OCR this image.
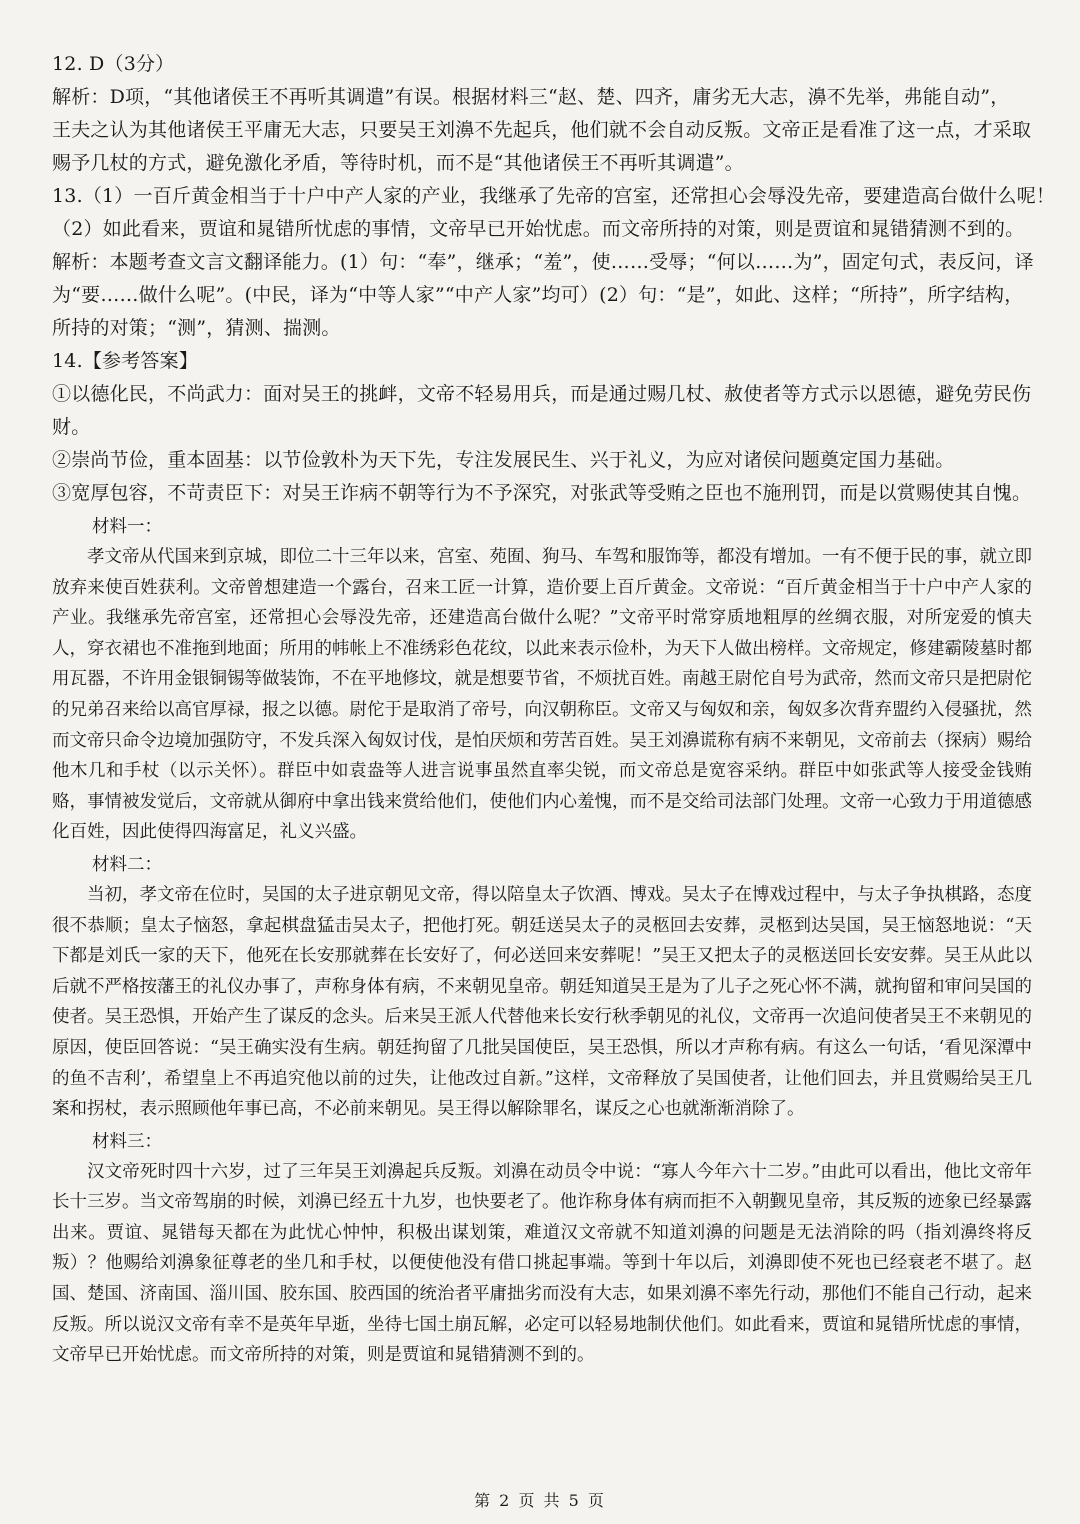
12. D（3分）
解析：D项，“其他诸侯王不再听其调遣”有误。根据材料三“赵、楚、四齐，庸劣无大志，濞不先举，弗能自动”，
王夫之认为其他诸侯王平庸无大志，只要吴王刘濞不先起兵，他们就不会自动反叛。文帝正是看准了这一点，才采取
赐予几杖的方式，避免激化矛盾，等待时机，而不是“其他诸侯王不再听其调遣”。
13.（1）一百斤黄金相当于十户中产人家的产业，我继承了先帝的宫室，还常担心会辱没先帝，要建造高台做什么呢！
（2）如此看来，贾谊和晁错所忧虑的事情，文帝早已开始忧虑。而文帝所持的对策，则是贾谊和晁错猜测不到的。
解析：本题考查文言文翻译能力。(1）句：“奉”，继承；“羞”，使……受辱；“何以……为”，固定句式，表反问，译
为“要……做什么呢”。(中民，译为“中等人家”“中产人家”均可）(2）句：“是”，如此、这样；“所持”，所字结构，
所持的对策；“测”，猜测、揣测。
14.【参考答案】
①以德化民，不尚武力：面对吴王的挑衅，文帝不轻易用兵，而是通过赐几杖、赦使者等方式示以恩德，避免劳民伤
财。
②崇尚节俭，重本固基：以节俭敦朴为天下先，专注发展民生、兴于礼义，为应对诸侯问题奠定国力基础。
③宽厚包容，不苛责臣下：对吴王诈病不朝等行为不予深究，对张武等受贿之臣也不施刑罚，而是以赏赐使其自愧。
材料一：
孝文帝从代国来到京城，即位二十三年以来，宫室、苑囿、狗马、车驾和服饰等，都没有增加。一有不便于民的事，就立即放弃来使百姓获利。文帝曾想建造一个露台，召来工匠一计算，造价要上百斤黄金。文帝说：“百斤黄金相当于十户中产人家的产业。我继承先帝宫室，还常担心会辱没先帝，还建造高台做什么呢？”文帝平时常穿质地粗厚的丝绸衣服，对所宠爱的慎夫人，穿衣裙也不准拖到地面；所用的帏帐上不准绣彩色花纹，以此来表示俭朴，为天下人做出榜样。文帝规定，修建霸陵墓时都用瓦器，不许用金银铜锡等做装饰，不在平地修坟，就是想要节省，不烦扰百姓。南越王尉佗自号为武帝，然而文帝只是把尉佗的兄弟召来给以高官厚禄，报之以德。尉佗于是取消了帝号，向汉朝称臣。文帝又与匈奴和亲，匈奴多次背弃盟约入侵骚扰，然而文帝只命令边境加强防守，不发兵深入匈奴讨伐，是怕厌烦和劳苦百姓。吴王刘濞谎称有病不来朝见，文帝前去（探病）赐给他木几和手杖（以示关怀）。群臣中如袁盎等人进言说事虽然直率尖锐，而文帝总是宽容采纳。群臣中如张武等人接受金钱贿赂，事情被发觉后，文帝就从御府中拿出钱来赏给他们，使他们内心羞愧，而不是交给司法部门处理。文帝一心致力于用道德感化百姓，因此使得四海富足，礼义兴盛。
材料二：
当初，孝文帝在位时，吴国的太子进京朝见文帝，得以陪皇太子饮酒、博戏。吴太子在博戏过程中，与太子争执棋路，态度很不恭顺；皇太子恼怒，拿起棋盘猛击吴太子，把他打死。朝廷送吴太子的灵柩回去安葬，灵柩到达吴国，吴王恼怒地说：“天下都是刘氏一家的天下，他死在长安那就葬在长安好了，何必送回来安葬呢！”吴王又把太子的灵柩送回长安安葬。吴王从此以后就不严格按藩王的礼仪办事了，声称身体有病，不来朝见皇帝。朝廷知道吴王是为了儿子之死心怀不满，就拘留和审问吴国的使者。吴王恐惧，开始产生了谋反的念头。后来吴王派人代替他来长安行秋季朝见的礼仪，文帝再一次追问使者吴王不来朝见的原因，使臣回答说：“吴王确实没有生病。朝廷拘留了几批吴国使臣，吴王恐惧，所以才声称有病。有这么一句话，‘看见深潭中的鱼不吉利’，希望皇上不再追究他以前的过失，让他改过自新。”这样，文帝释放了吴国使者，让他们回去，并且赏赐给吴王几案和拐杖，表示照顾他年事已高，不必前来朝见。吴王得以解除罪名，谋反之心也就渐渐消除了。
材料三：
汉文帝死时四十六岁，过了三年吴王刘濞起兵反叛。刘濞在动员令中说：“寡人今年六十二岁。”由此可以看出，他比文帝年长十三岁。当文帝驾崩的时候，刘濞已经五十九岁，也快要老了。他诈称身体有病而拒不入朝觐见皇帝，其反叛的迹象已经暴露出来。贾谊、晁错每天都在为此忧心忡忡，积极出谋划策，难道汉文帝就不知道刘濞的问题是无法消除的吗（指刘濞终将反叛）？他赐给刘濞象征尊老的坐几和手杖，以便使他没有借口挑起事端。等到十年以后，刘濞即使不死也已经衰老不堪了。赵国、楚国、济南国、淄川国、胶东国、胶西国的统治者平庸拙劣而没有大志，如果刘濞不率先行动，那他们不能自己行动，起来反叛。所以说汉文帝有幸不是英年早逝，坐待七国土崩瓦解，必定可以轻易地制伏他们。如此看来，贾谊和晁错所忧虑的事情，文帝早已开始忧虑。而文帝所持的对策，则是贾谊和晁错猜测不到的。
第 2 页 共 5 页
